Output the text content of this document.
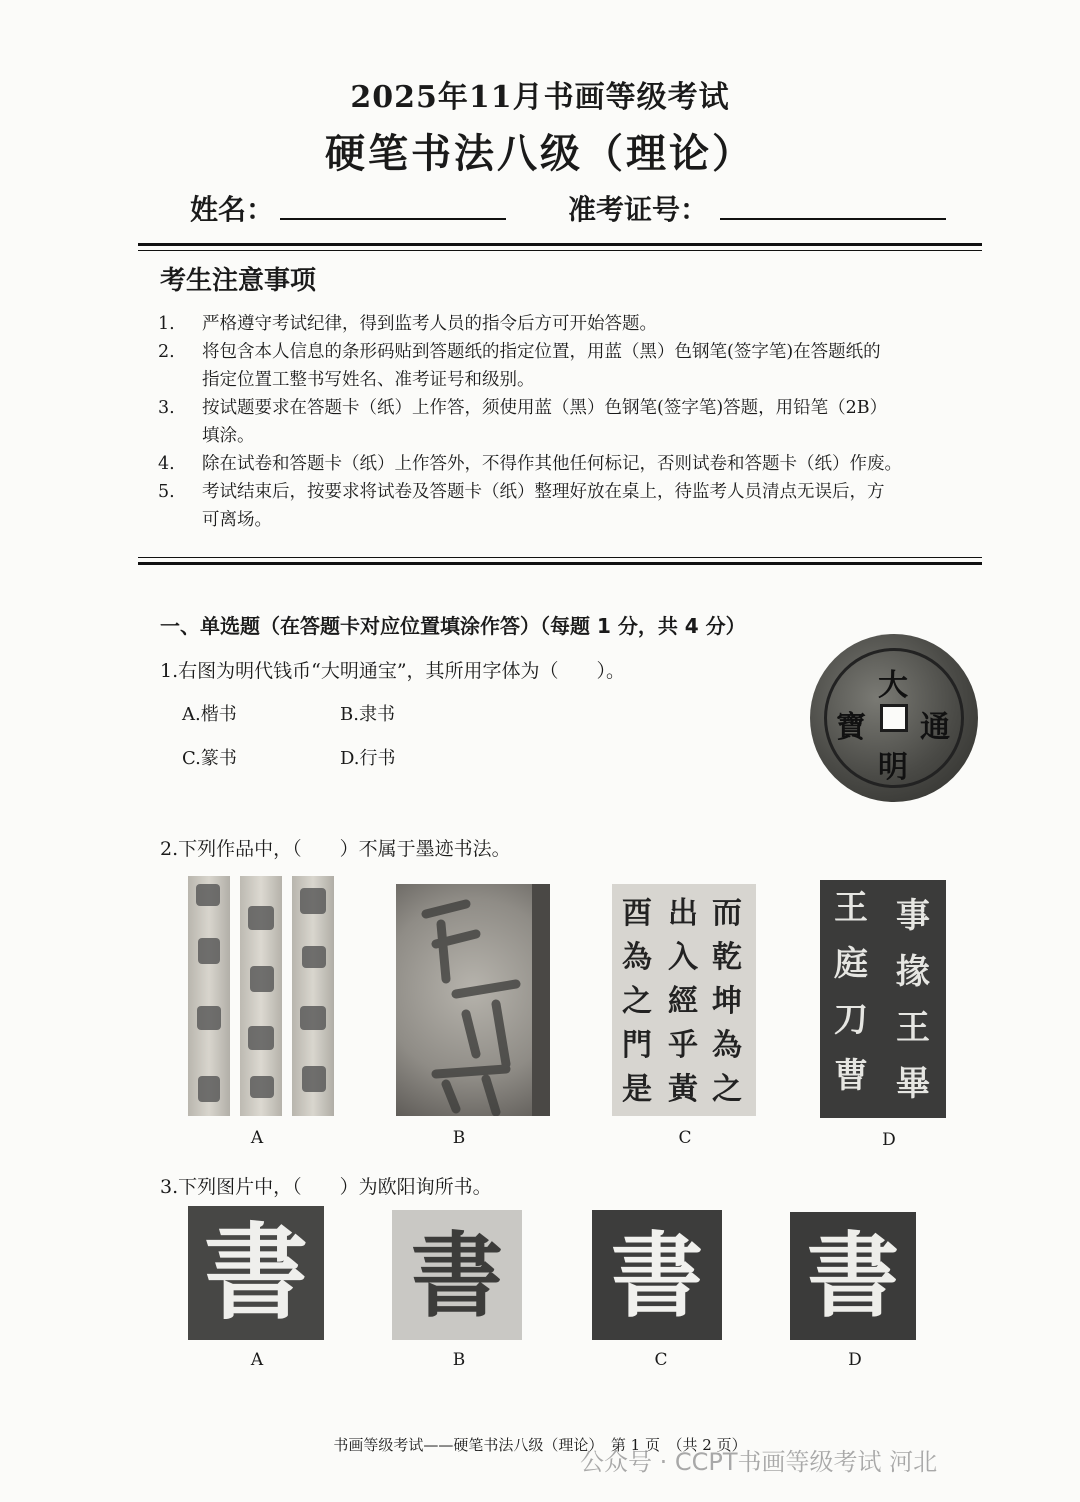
2025年11月书画等级考试
硬笔书法八级（理论）
姓名：	准考证号：
考生注意事项
1.	严格遵守考试纪律，得到监考人员的指令后方可开始答题。
2.	将包含本人信息的条形码贴到答题纸的指定位置，用蓝（黑）色钢笔(签字笔)在答题纸的
指定位置工整书写姓名、准考证号和级别。
3.	按试题要求在答题卡（纸）上作答，须使用蓝（黑）色钢笔(签字笔)答题，用铅笔（2B）
填涂。
4.	除在试卷和答题卡（纸）上作答外，不得作其他任何标记，否则试卷和答题卡（纸）作废。
5.	考试结束后，按要求将试卷及答题卡（纸）整理好放在桌上，待监考人员清点无误后，方
可离场。
一、单选题（在答题卡对应位置填涂作答）（每题 1 分，共 4 分）
1.右图为明代钱币“大明通宝”，其所用字体为（　　）。
A.楷书	B.隶书
C.篆书	D.行书
大
通
明
寶
2.下列作品中，（　　）不属于墨迹书法。
A	B
而乾坤為之
出入經乎黃
酉為之門是
C
事掾王畢
王庭刀曹
D
3.下列图片中，（　　）为欧阳询所书。
書
A
書
B
書
C
書
D
书画等级考试——硬笔书法八级（理论）　第 1 页　（共 2 页）
公众号 · CCPT书画等级考试 河北
